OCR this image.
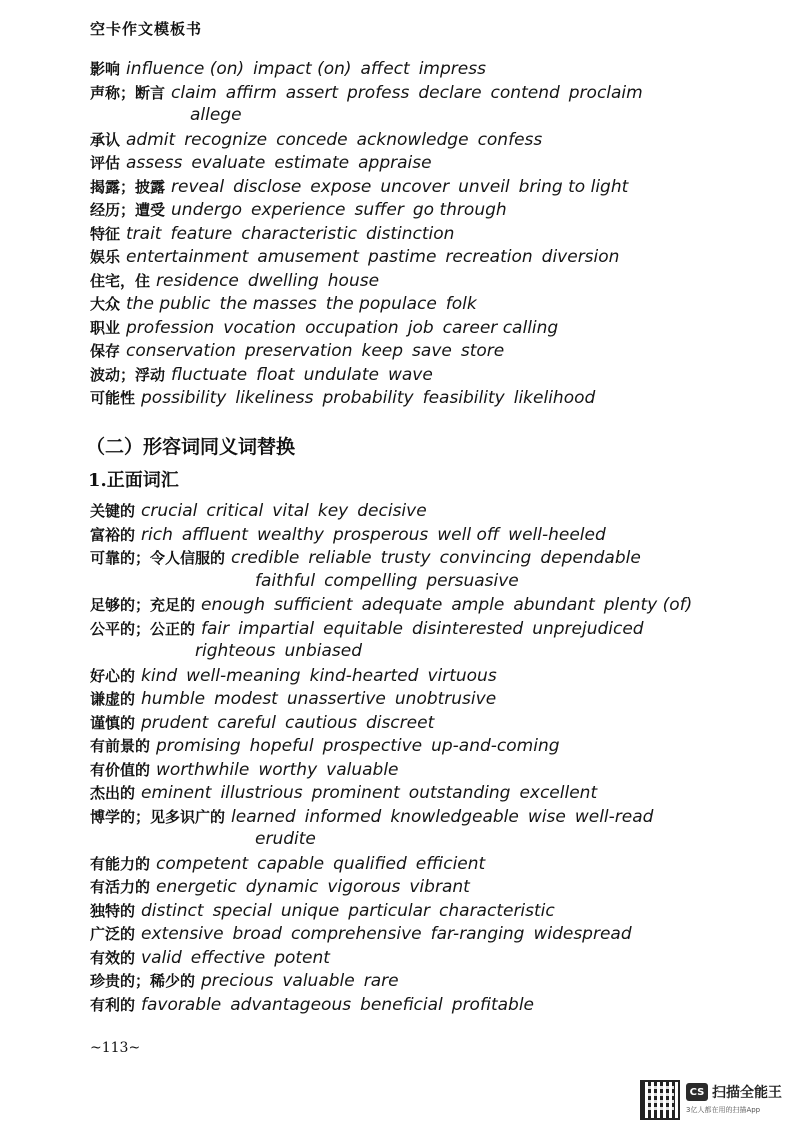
空卡作文模板书
影响 influence (on) impact (on) affect impress
声称；断言 claim affirm assert profess declare contend proclaim
allege
承认 admit recognize concede acknowledge confess
评估 assess evaluate estimate appraise
揭露；披露 reveal disclose expose uncover unveil bring to light
经历；遭受 undergo experience suffer go through
特征 trait feature characteristic distinction
娱乐 entertainment amusement pastime recreation diversion
住宅，住 residence dwelling house
大众 the public the masses the populace folk
职业 profession vocation occupation job career calling
保存 conservation preservation keep save store
波动；浮动 fluctuate float undulate wave
可能性 possibility likeliness probability feasibility likelihood
（二）形容词同义词替换
1.正面词汇
关键的 crucial critical vital key decisive
富裕的 rich affluent wealthy prosperous well off well-heeled
可靠的；令人信服的 credible reliable trusty convincing dependable
faithful compelling persuasive
足够的；充足的 enough sufficient adequate ample abundant plenty (of)
公平的；公正的 fair impartial equitable disinterested unprejudiced
righteous unbiased
好心的 kind well-meaning kind-hearted virtuous
谦虚的 humble modest unassertive unobtrusive
谨慎的 prudent careful cautious discreet
有前景的 promising hopeful prospective up-and-coming
有价值的 worthwhile worthy valuable
杰出的 eminent illustrious prominent outstanding excellent
博学的；见多识广的 learned informed knowledgeable wise well-read
erudite
有能力的 competent capable qualified efficient
有活力的 energetic dynamic vigorous vibrant
独特的 distinct special unique particular characteristic
广泛的 extensive broad comprehensive far-ranging widespread
有效的 valid effective potent
珍贵的；稀少的 precious valuable rare
有利的 favorable advantageous beneficial profitable
~113~
CS 扫描全能王
3亿人都在用的扫描App
